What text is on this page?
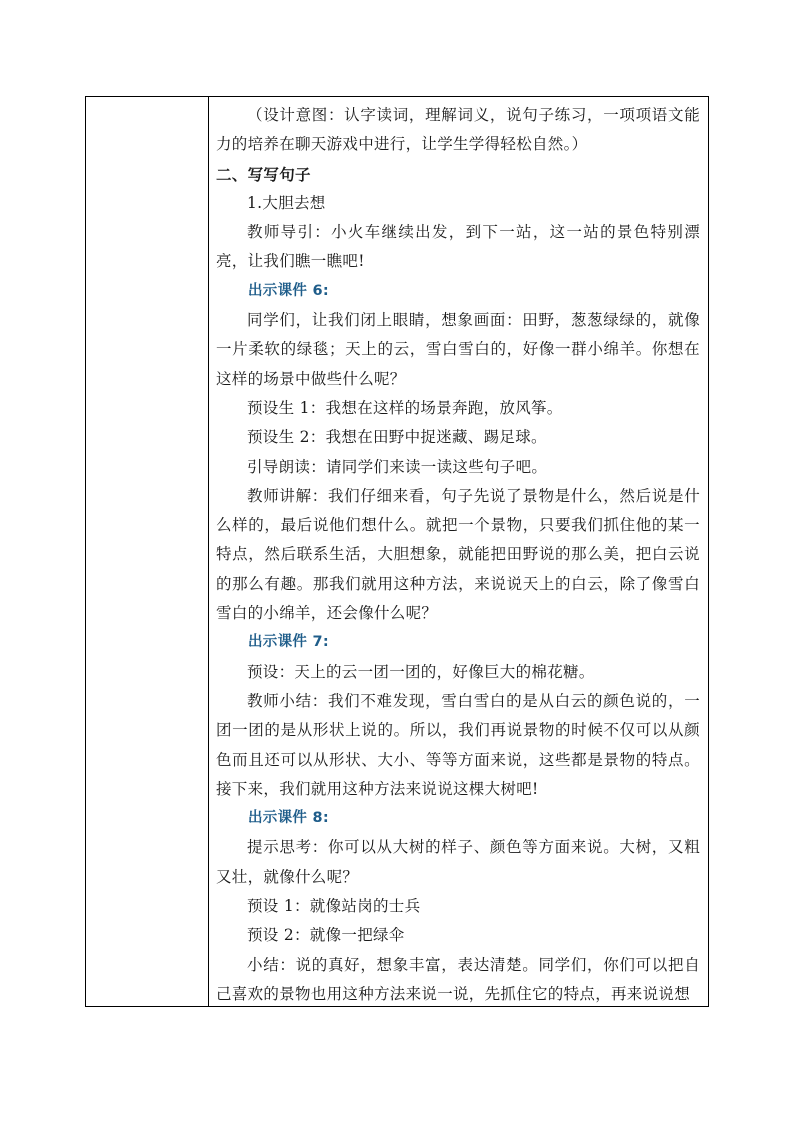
（设计意图：认字读词，理解词义，说句子练习，一项项语文能力的培养在聊天游戏中进行，让学生学得轻松自然。）

二、写写句子

1.大胆去想

教师导引：小火车继续出发，到下一站，这一站的景色特别漂亮，让我们瞧一瞧吧!

出示课件 6:

同学们，让我们闭上眼睛，想象画面：田野，葱葱绿绿的，就像一片柔软的绿毯；天上的云，雪白雪白的，好像一群小绵羊。你想在这样的场景中做些什么呢？

预设生 1：我想在这样的场景奔跑，放风筝。

预设生 2：我想在田野中捉迷藏、踢足球。

引导朗读：请同学们来读一读这些句子吧。

教师讲解：我们仔细来看，句子先说了景物是什么，然后说是什么样的，最后说他们想什么。就把一个景物，只要我们抓住他的某一特点，然后联系生活，大胆想象，就能把田野说的那么美，把白云说的那么有趣。那我们就用这种方法，来说说天上的白云，除了像雪白雪白的小绵羊，还会像什么呢？

出示课件 7:

预设：天上的云一团一团的，好像巨大的棉花糖。

教师小结：我们不难发现，雪白雪白的是从白云的颜色说的，一团一团的是从形状上说的。所以，我们再说景物的时候不仅可以从颜色而且还可以从形状、大小、等等方面来说，这些都是景物的特点。接下来，我们就用这种方法来说说这棵大树吧!

出示课件 8:

提示思考：你可以从大树的样子、颜色等方面来说。大树，又粗又壮，就像什么呢？

预设 1：就像站岗的士兵

预设 2：就像一把绿伞

小结：说的真好，想象丰富，表达清楚。同学们，你们可以把自己喜欢的景物也用这种方法来说一说，先抓住它的特点，再来说说想
